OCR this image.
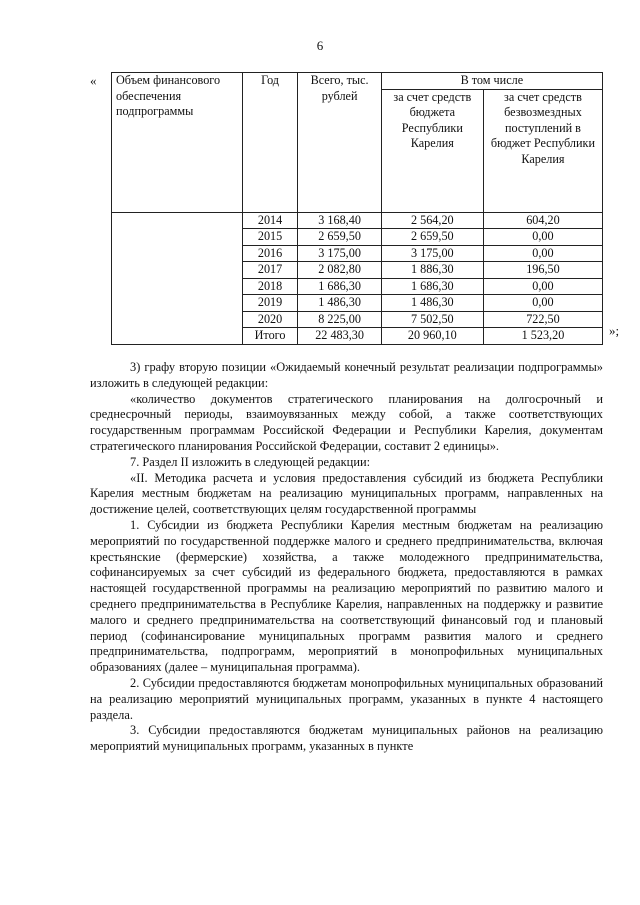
6
« Объем финансового обеспечения подпрограммы	Год	Всего, тыс. рублей	В том числе	
			за счет средств бюджета Республики Карелия	за счет средств безвозмездных поступлений в бюджет Республики Карелия
	2014	3 168,40	2 564,20	604,20
	2015	2 659,50	2 659,50	0,00
	2016	3 175,00	3 175,00	0,00
	2017	2 082,80	1 886,30	196,50
	2018	1 686,30	1 686,30	0,00
	2019	1 486,30	1 486,30	0,00
	2020	8 225,00	7 502,50	722,50
	Итого	22 483,30	20 960,10	1 523,20	»;

3) графу вторую позиции «Ожидаемый конечный результат реализации подпрограммы» изложить в следующей редакции:

«количество документов стратегического планирования на долгосрочный и среднесрочный периоды, взаимоувязанных между собой, а также соответствующих государственным программам Российской Федерации и Республики Карелия, документам стратегического планирования Российской Федерации, составит 2 единицы».

7. Раздел II изложить в следующей редакции:

«II. Методика расчета и условия предоставления субсидий из бюджета Республики Карелия местным бюджетам на реализацию муниципальных программ, направленных на достижение целей, соответствующих целям государственной программы

1. Субсидии из бюджета Республики Карелия местным бюджетам на реализацию мероприятий по государственной поддержке малого и среднего предпринимательства, включая крестьянские (фермерские) хозяйства, а также молодежного предпринимательства, софинансируемых за счет субсидий из федерального бюджета, предоставляются в рамках настоящей государственной программы на реализацию мероприятий по развитию малого и среднего предпринимательства в Республике Карелия, направленных на поддержку и развитие малого и среднего предпринимательства на соответствующий финансовый год и плановый период (софинансирование муниципальных программ развития малого и среднего предпринимательства, подпрограмм, мероприятий в монопрофильных муниципальных образованиях (далее – муниципальная программа).

2. Субсидии предоставляются бюджетам монопрофильных муниципальных образований на реализацию мероприятий муниципальных программ, указанных в пункте 4 настоящего раздела.

3. Субсидии предоставляются бюджетам муниципальных районов на реализацию мероприятий муниципальных программ, указанных в пункте
